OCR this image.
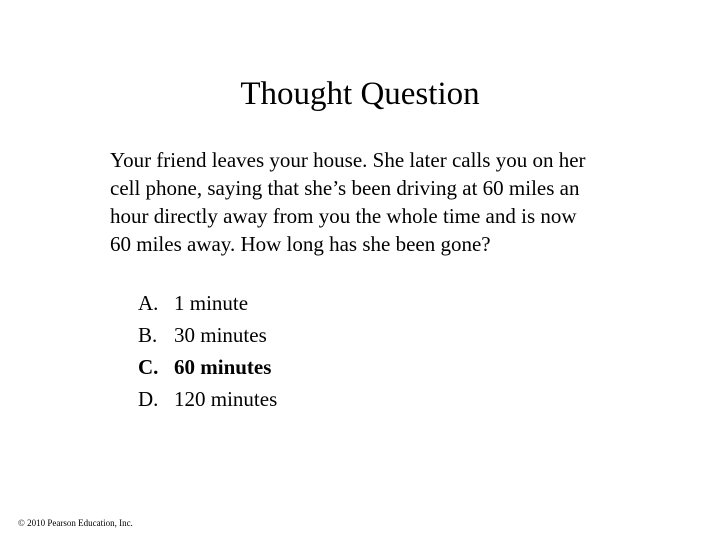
Thought Question

Your friend leaves your house. She later calls you on her
cell phone, saying that she’s been driving at 60 miles an
hour directly away from you the whole time and is now
60 miles away. How long has she been gone?

A. 1 minute
B. 30 minutes
C. 60 minutes
D. 120 minutes
© 2010 Pearson Education, Inc.
